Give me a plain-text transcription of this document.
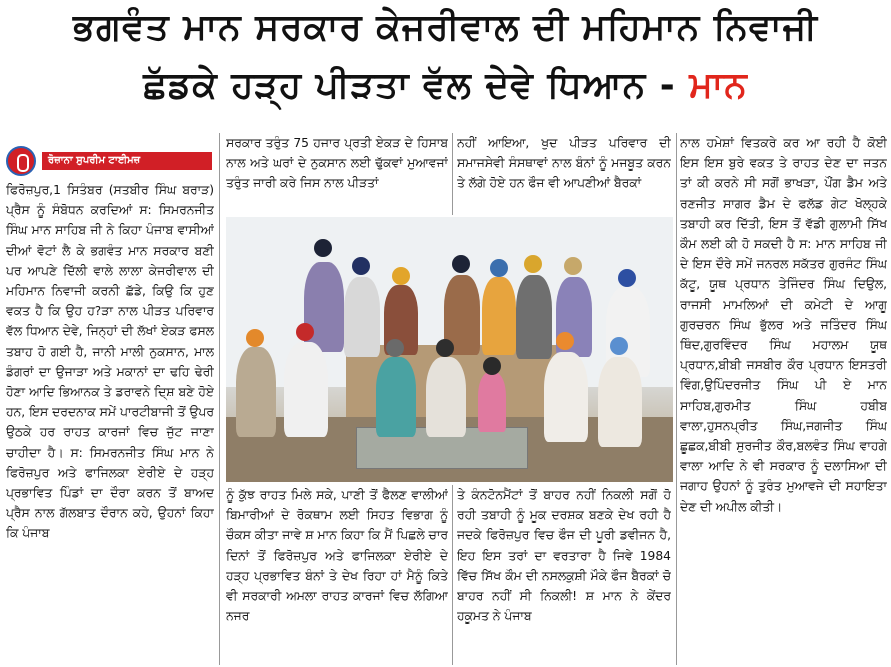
ਭਗਵੰਤ ਮਾਨ ਸਰਕਾਰ ਕੇਜਰੀਵਾਲ ਦੀ ਮਹਿਮਾਨ ਨਿਵਾਜੀ
ਛੱਡਕੇ ਹੜ੍ਹ ਪੀੜਤਾ ਵੱਲ ਦੇਵੇ ਧਿਆਨ - ਮਾਨ
ਰੋਜ਼ਾਨਾ ਸੁਪਰੀਮ ਟਾਈਮਜ਼

ਫਿਰੋਜ਼ਪੁਰ,1 ਸਿਤੰਬਰ (ਸਤਬੀਰ ਸਿੰਘ ਬਰਾੜ) ਪ੍ਰੈਸ ਨੂੰ ਸੰਬੋਧਨ ਕਰਦਿਆਂ ਸ: ਸਿਮਰਨਜੀਤ ਸਿੰਘ ਮਾਨ ਸਾਹਿਬ ਜੀ ਨੇ ਕਿਹਾ ਪੰਜਾਬ ਵਾਸੀਆਂ ਦੀਆਂ ਵੋਟਾਂ ਲੈ ਕੇ ਭਗਵੰਤ ਮਾਨ ਸਰਕਾਰ ਬਣੀ ਪਰ ਆਪਣੇ ਦਿੱਲੀ ਵਾਲੇ ਲਾਲਾ ਕੇਜਰੀਵਾਲ ਦੀ ਮਹਿਮਾਨ ਨਿਵਾਜੀ ਕਰਨੀ ਛੱਡੇ, ਕਿਉ ਕਿ ਹੁਣ ਵਕਤ ਹੈ ਕਿ ਉਹ ਹ?ੜਾ ਨਾਲ ਪੀੜਤ ਪਰਿਵਾਰ ਵੱਲ ਧਿਆਨ ਦੇਵੇ, ਜਿਨ੍ਹਾਂ ਦੀ ਲੱਖਾਂ ਏਕੜ ਫਸਲ ਤਬਾਹ ਹੋ ਗਈ ਹੈ, ਜਾਨੀ ਮਾਲੀ ਨੁਕਸਾਨ, ਮਾਲ ਡੰਗਰਾਂ ਦਾ ਉਜਾੜਾ ਅਤੇ ਮਕਾਨਾਂ ਦਾ ਢਹਿ ਢੇਰੀ ਹੋਣਾ ਆਦਿ ਭਿਆਨਕ ਤੇ ਡਰਾਵਨੇ ਦਿ੍ਸ਼ ਬਣੇ ਹੋਏ ਹਨ, ਇਸ ਦਰਦਨਾਕ ਸਮੇਂ ਪਾਰਟੀਬਾਜੀ ਤੋਂ ਉਪਰ ਉਠਕੇ ਹਰ ਰਾਹਤ ਕਾਰਜਾਂ ਵਿਚ ਜੁੱਟ ਜਾਣਾ ਚਾਹੀਦਾ ਹੈ। ਸ: ਸਿਮਰਨਜੀਤ ਸਿੰਘ ਮਾਨ ਨੇ ਫਿਰੋਜ਼ਪੁਰ ਅਤੇ ਫਾਜਿਲਕਾ ਏਰੀਏ ਦੇ ਹੜ੍ਹ ਪ੍ਰਭਾਵਿਤ ਪਿੰਡਾਂ ਦਾ ਦੌਰਾ ਕਰਨ ਤੋਂ ਬਾਅਦ ਪ੍ਰੈਸ ਨਾਲ ਗੱਲਬਾਤ ਦੌਰਾਨ ਕਹੇ, ਉਹਨਾਂ ਕਿਹਾ ਕਿ ਪੰਜਾਬ

ਸਰਕਾਰ ਤਰੁੰਤ 75 ਹਜਾਰ ਪ੍ਰਤੀ ਏਕੜ ਦੇ ਹਿਸਾਬ ਨਾਲ ਅਤੇ ਘਰਾਂ ਦੇ ਨੁਕਸਾਨ ਲਈ ਢੁੱਕਵਾਂ ਮੁਆਵਜਾਂ ਤਰੁੰਤ ਜਾਰੀ ਕਰੇ ਜਿਸ ਨਾਲ ਪੀੜਤਾਂ

ਨਹੀਂ ਆਇਆ, ਖੁਦ ਪੀੜਤ ਪਰਿਵਾਰ ਦੀ ਸਮਾਜਸੇਵੀ ਸੰਸਥਾਵਾਂ ਨਾਲ ਬੰਨਾਂ ਨੂੰ ਮਜਬੂਤ ਕਰਨ ਤੇ ਲੱਗੇ ਹੋਏ ਹਨ ਫੌਜ ਵੀ ਆਪਣੀਆਂ ਬੈਰਕਾਂ

ਨੂੰ ਕੁੱਝ ਰਾਹਤ ਮਿਲੇ ਸਕੇ, ਪਾਣੀ ਤੋਂ ਫੈਲਣ ਵਾਲੀਆਂ ਬਿਮਾਰੀਆਂ ਦੇ ਰੋਕਥਾਮ ਲਈ ਸਿਹਤ ਵਿਭਾਗ ਨੂੰ ਚੌਕਸ ਕੀਤਾ ਜਾਵੇ ਸ਼ ਮਾਨ ਕਿਹਾ ਕਿ ਮੈਂ ਪਿਛਲੇ ਚਾਰ ਦਿਨਾਂ ਤੋਂ ਫਿਰੋਜ਼ਪੁਰ ਅਤੇ ਫਾਜਿਲਕਾ ਏਰੀਏ ਦੇ ਹੜ੍ਹ ਪ੍ਰਭਾਵਿਤ ਬੰਨਾਂ ਤੇ ਦੇਖ ਰਿਹਾ ਹਾਂ ਮੈਨੂੰ ਕਿਤੇ ਵੀ ਸਰਕਾਰੀ ਅਮਲਾ ਰਾਹਤ ਕਾਰਜਾਂ ਵਿਚ ਲੱਗਿਆ ਨਜਰ

ਤੇ ਕੰਨਟੋਨਮੈਂਟਾਂ ਤੋਂ ਬਾਹਰ ਨਹੀਂ ਨਿਕਲੀ ਸਗੋਂ ਹੋ ਰਹੀ ਤਬਾਹੀ ਨੂੰ ਮੂਕ ਦਰਸ਼ਕ ਬਣਕੇ ਦੇਖ ਰਹੀ ਹੈ ਜਦਕੇ ਫਿਰੋਜ਼ਪੁਰ ਵਿਚ ਫੌਜ ਦੀ ਪੂਰੀ ਡਵੀਜਨ ਹੈ, ਇਹ ਇਸ ਤਰਾਂ ਦਾ ਵਰਤਾਰਾ ਹੈ ਜਿਵੇ 1984 ਵਿੱਚ ਸਿੱਖ ਕੌਮ ਦੀ ਨਸਲਕੁਸ਼ੀ ਮੌਕੇ ਫੌਜ ਬੈਰਕਾਂ ਚੋ ਬਾਹਰ ਨਹੀਂ ਸੀ ਨਿਕਲੀ! ਸ਼ ਮਾਨ ਨੇ ਕੇਂਦਰ ਹਕੂਮਤ ਨੇ ਪੰਜਾਬ

ਨਾਲ ਹਮੇਸ਼ਾਂ ਵਿਤਕਰੇ ਕਰ ਆ ਰਹੀ ਹੈ ਕੋਈ ਇਸ ਇਸ ਬੁਰੇ ਵਕਤ ਤੇ ਰਾਹਤ ਦੇਣ ਦਾ ਜਤਨ ਤਾਂ ਕੀ ਕਰਨੇ ਸੀ ਸਗੋਂ ਭਾਖੜਾ, ਪੌਂਗ ਡੈਮ ਅਤੇ ਰਣਜੀਤ ਸਾਗਰ ਡੈਮ ਦੇ ਫਲੱਡ ਗੇਟ ਖੋਲ੍ਹਕੇ ਤਬਾਹੀ ਕਰ ਦਿੱਤੀ, ਇਸ ਤੋਂ ਵੱਡੀ ਗੁਲਾਮੀ ਸਿੱਖ ਕੌਮ ਲਈ ਕੀ ਹੋ ਸਕਦੀ ਹੈ ਸ: ਮਾਨ ਸਾਹਿਬ ਜੀ ਦੇ ਇਸ ਦੌਰੇ ਸਮੇਂ ਜਨਰਲ ਸਕੱਤਰ ਗੁਰਜੰਟ ਸਿੰਘ ਕੱਟੂ, ਯੂਥ ਪ੍ਰਧਾਨ ਤੇਜਿੰਦਰ ਸਿੰਘ ਦਿਉਲ, ਰਾਜਸੀ ਮਾਮਲਿਆਂ ਦੀ ਕਮੇਟੀ ਦੇ ਆਗੂ ਗੁਰਚਰਨ ਸਿੰਘ ਭੁੱਲਰ ਅਤੇ ਜਤਿੰਦਰ ਸਿੰਘ ਥਿੰਦ,ਗੁਰਵਿੰਦਰ ਸਿੰਘ ਮਹਾਲਮ ਯੂਥ ਪ੍ਰਧਾਨ,ਬੀਬੀ ਜਸਬੀਰ ਕੌਰ ਪ੍ਰਧਾਨ ਇਸਤਰੀ ਵਿੰਗ,ਉਪਿੰਦਰਜੀਤ ਸਿੰਘ ਪੀ ਏ ਮਾਨ ਸਾਹਿਬ,ਗੁਰਮੀਤ ਸਿੰਘ ਹਬੀਬ ਵਾਲਾ,ਹੁਸਨਪ੍ਰੀਤ ਸਿੰਘ,ਜਗਜੀਤ ਸਿੰਘ ਛੂਛਕ,ਬੀਬੀ ਸੁਰਜੀਤ ਕੌਰ,ਬਲਵੰਤ ਸਿੰਘ ਵਾਹਗੇ ਵਾਲਾ ਆਦਿ ਨੇ ਵੀ ਸਰਕਾਰ ਨੂੰ ਦਲਾਸਿਆ ਦੀ ਜਗਾਹ ਉਹਨਾਂ ਨੂੰ ਤੁਰੰਤ ਮੁਆਵਜੇ ਦੀ ਸਹਾਇਤਾ ਦੇਣ ਦੀ ਅਪੀਲ ਕੀਤੀ।
